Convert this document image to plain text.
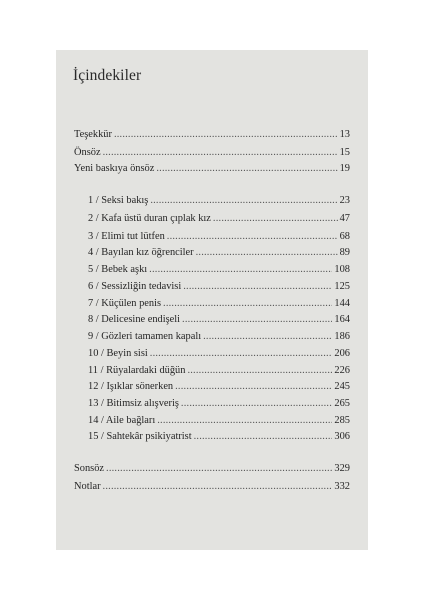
İçindekiler
Teşekkür .....	13
Önsöz .....	15
Yeni baskıya önsöz .....	19
1 / Seksi bakış .....	23
2 / Kafa üstü duran çıplak kız .....	47
3 / Elimi tut lütfen .....	68
4 / Bayılan kız öğrenciler .....	89
5 / Bebek aşkı .....	108
6 / Sessizliğin tedavisi .....	125
7 / Küçülen penis .....	144
8 / Delicesine endişeli .....	164
9 / Gözleri tamamen kapalı .....	186
10 / Beyin sisi .....	206
11 / Rüyalardaki düğün .....	226
12 / Işıklar sönerken .....	245
13 / Bitimsiz alışveriş .....	265
14 / Aile bağları .....	285
15 / Sahtekâr psikiyatrist .....	306
Sonsöz .....	329
Notlar .....	332
